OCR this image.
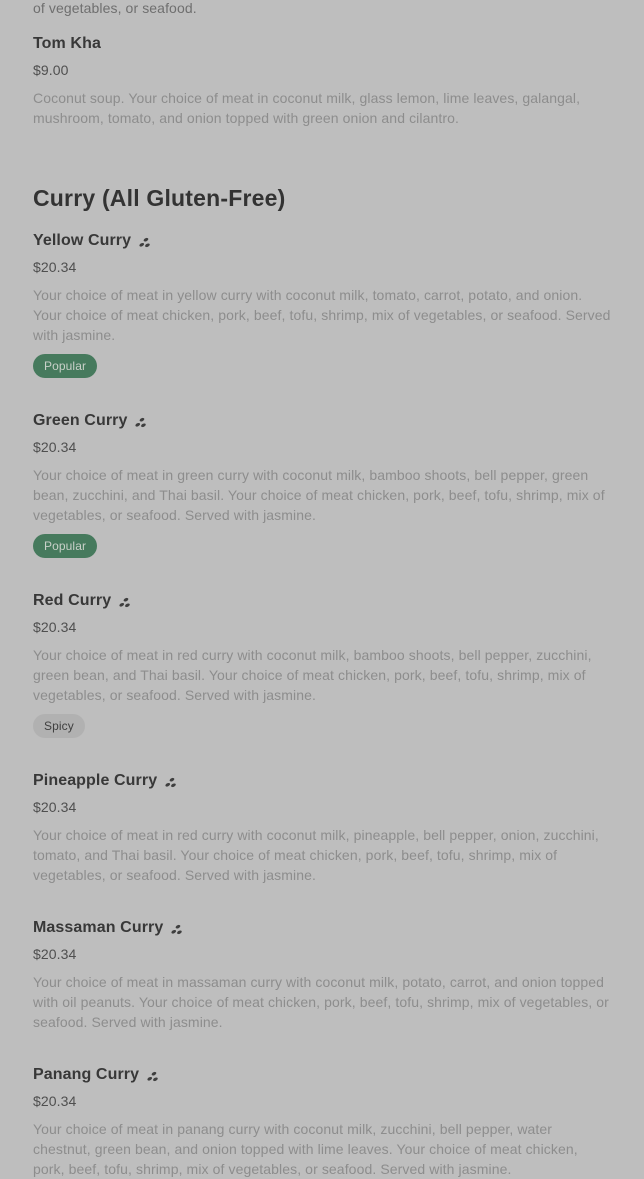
of vegetables, or seafood.
Tom Kha

$9.00

Coconut soup. Your choice of meat in coconut milk, glass lemon, lime leaves, galangal, mushroom, tomato, and onion topped with green onion and cilantro.

Curry (All Gluten-Free)
Yellow Curry

$20.34

Your choice of meat in yellow curry with coconut milk, tomato, carrot, potato, and onion. Your choice of meat chicken, pork, beef, tofu, shrimp, mix of vegetables, or seafood. Served with jasmine.

Popular
Green Curry

$20.34

Your choice of meat in green curry with coconut milk, bamboo shoots, bell pepper, green bean, zucchini, and Thai basil. Your choice of meat chicken, pork, beef, tofu, shrimp, mix of vegetables, or seafood. Served with jasmine.

Popular
Red Curry

$20.34

Your choice of meat in red curry with coconut milk, bamboo shoots, bell pepper, zucchini, green bean, and Thai basil. Your choice of meat chicken, pork, beef, tofu, shrimp, mix of vegetables, or seafood. Served with jasmine.

Spicy
Pineapple Curry

$20.34

Your choice of meat in red curry with coconut milk, pineapple, bell pepper, onion, zucchini, tomato, and Thai basil. Your choice of meat chicken, pork, beef, tofu, shrimp, mix of vegetables, or seafood. Served with jasmine.

Massaman Curry

$20.34

Your choice of meat in massaman curry with coconut milk, potato, carrot, and onion topped with oil peanuts. Your choice of meat chicken, pork, beef, tofu, shrimp, mix of vegetables, or seafood. Served with jasmine.

Panang Curry

$20.34

Your choice of meat in panang curry with coconut milk, zucchini, bell pepper, water chestnut, green bean, and onion topped with lime leaves. Your choice of meat chicken, pork, beef, tofu, shrimp, mix of vegetables, or seafood. Served with jasmine.
